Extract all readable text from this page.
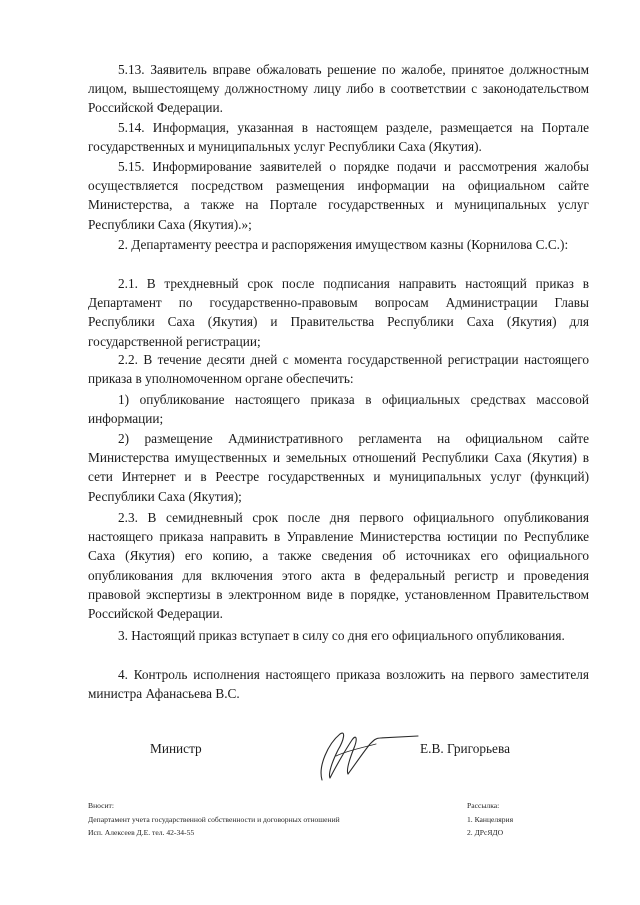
5.13. Заявитель вправе обжаловать решение по жалобе, принятое должностным лицом, вышестоящему должностному лицу либо в соответствии с законодательством Российской Федерации.

5.14. Информация, указанная в настоящем разделе, размещается на Портале государственных и муниципальных услуг Республики Саха (Якутия).

5.15. Информирование заявителей о порядке подачи и рассмотрения жалобы осуществляется посредством размещения информации на официальном сайте Министерства, а также на Портале государственных и муниципальных услуг Республики Саха (Якутия).»;

2. Департаменту реестра и распоряжения имуществом казны (Корнилова С.С.):

2.1. В трехдневный срок после подписания направить настоящий приказ в Департамент по государственно-правовым вопросам Администрации Главы Республики Саха (Якутия) и Правительства Республики Саха (Якутия) для государственной регистрации;

2.2. В течение десяти дней с момента государственной регистрации настоящего приказа в уполномоченном органе обеспечить:

1) опубликование настоящего приказа в официальных средствах массовой информации;

2) размещение Административного регламента на официальном сайте Министерства имущественных и земельных отношений Республики Саха (Якутия) в сети Интернет и в Реестре государственных и муниципальных услуг (функций) Республики Саха (Якутия);

2.3. В семидневный срок после дня первого официального опубликования настоящего приказа направить в Управление Министерства юстиции по Республике Саха (Якутия) его копию, а также сведения об источниках его официального опубликования для включения этого акта в федеральный регистр и проведения правовой экспертизы в электронном виде в порядке, установленном Правительством Российской Федерации.

3. Настоящий приказ вступает в силу со дня его официального опубликования.

4. Контроль исполнения настоящего приказа возложить на первого заместителя министра Афанасьева В.С.

Министр	Е.В. Григорьева
Вносит:
Департамент учета государственной собственности и договорных отношений
Исп. Алексеев Д.Е. тел. 42-34-55
Рассылка:
1. Канцелярия
2. ДРсЯДО
